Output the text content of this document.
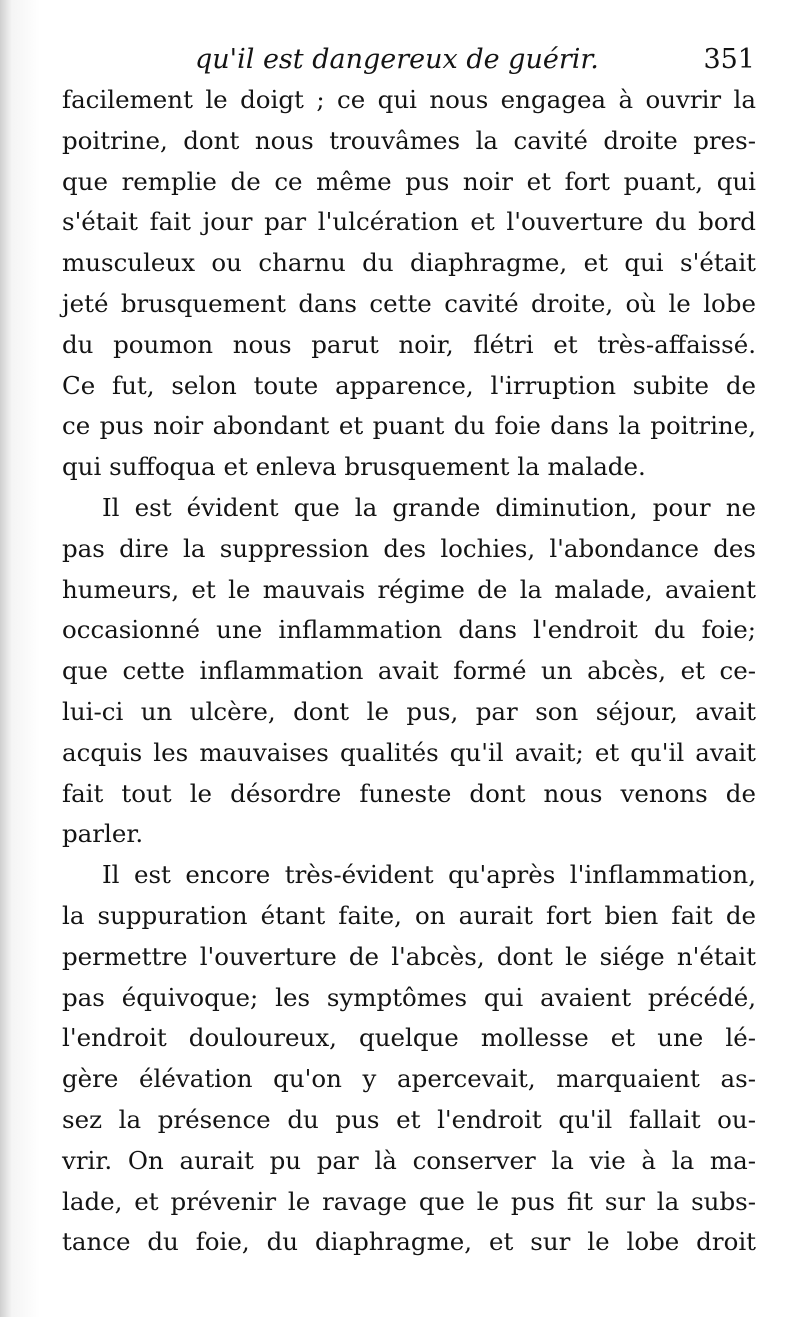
qu'il est dangereux de guérir.	351
facilement le doigt ; ce qui nous engagea à ouvrir la
poitrine, dont nous trouvâmes la cavité droite pres-
que remplie de ce même pus noir et fort puant, qui
s'était fait jour par l'ulcération et l'ouverture du bord
musculeux ou charnu du diaphragme, et qui s'était
jeté brusquement dans cette cavité droite, où le lobe
du poumon nous parut noir, flétri et très-affaissé.
Ce fut, selon toute apparence, l'irruption subite de
ce pus noir abondant et puant du foie dans la poitrine,
qui suffoqua et enleva brusquement la malade.
Il est évident que la grande diminution, pour ne
pas dire la suppression des lochies, l'abondance des
humeurs, et le mauvais régime de la malade, avaient
occasionné une inflammation dans l'endroit du foie;
que cette inflammation avait formé un abcès, et ce-
lui-ci un ulcère, dont le pus, par son séjour, avait
acquis les mauvaises qualités qu'il avait; et qu'il avait
fait tout le désordre funeste dont nous venons de
parler.
Il est encore très-évident qu'après l'inflammation,
la suppuration étant faite, on aurait fort bien fait de
permettre l'ouverture de l'abcès, dont le siége n'était
pas équivoque; les symptômes qui avaient précédé,
l'endroit douloureux, quelque mollesse et une lé-
gère élévation qu'on y apercevait, marquaient as-
sez la présence du pus et l'endroit qu'il fallait ou-
vrir. On aurait pu par là conserver la vie à la ma-
lade, et prévenir le ravage que le pus fit sur la subs-
tance du foie, du diaphragme, et sur le lobe droit
